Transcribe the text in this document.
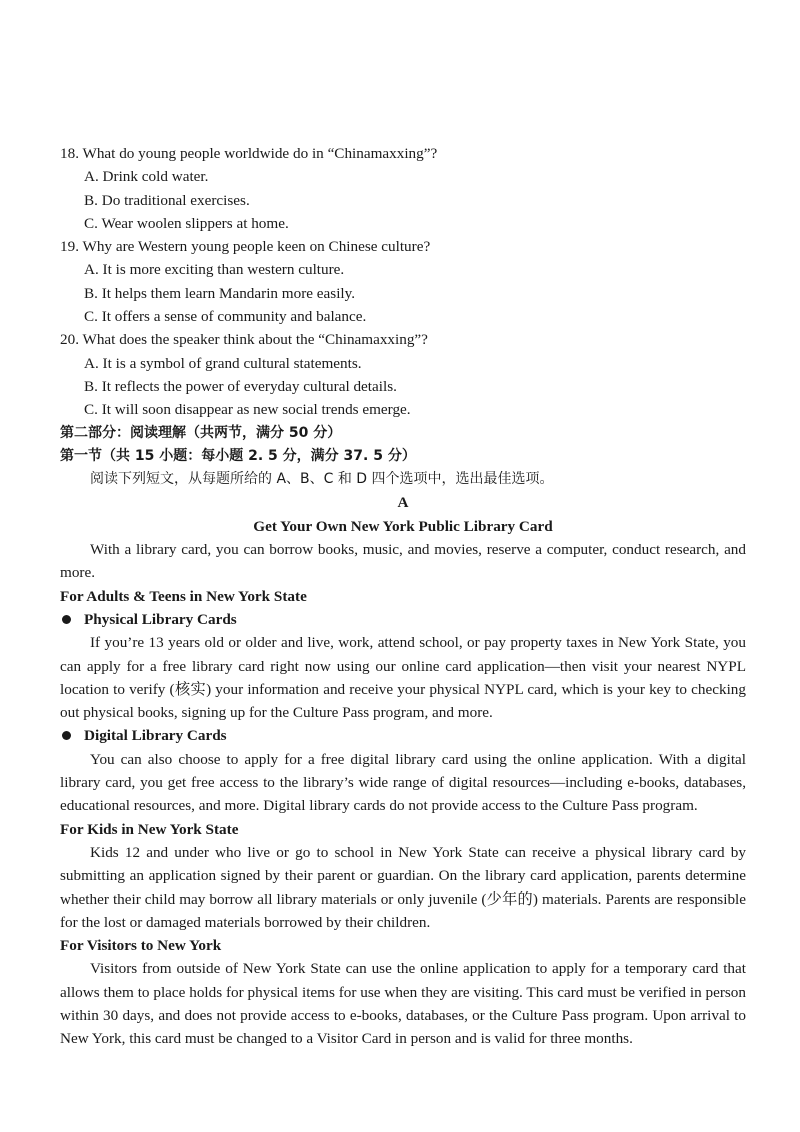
18. What do young people worldwide do in “Chinamaxxing”?
A. Drink cold water.
B. Do traditional exercises.
C. Wear woolen slippers at home.
19. Why are Western young people keen on Chinese culture?
A. It is more exciting than western culture.
B. It helps them learn Mandarin more easily.
C. It offers a sense of community and balance.
20. What does the speaker think about the “Chinamaxxing”?
A. It is a symbol of grand cultural statements.
B. It reflects the power of everyday cultural details.
C. It will soon disappear as new social trends emerge.
第二部分：阅读理解（共两节，满分 50 分）
第一节（共 15 小题：每小题 2. 5 分，满分 37. 5 分）
阅读下列短文，从每题所给的 A、B、C 和 D 四个选项中，选出最佳选项。
A
Get Your Own New York Public Library Card

With a library card, you can borrow books, music, and movies, reserve a computer, conduct research, and more.

For Adults & Teens in New York State
Physical Library Cards

If you’re 13 years old or older and live, work, attend school, or pay property taxes in New York State, you can apply for a free library card right now using our online card application—then visit your nearest NYPL location to verify (核实) your information and receive your physical NYPL card, which is your key to checking out physical books, signing up for the Culture Pass program, and more.

Digital Library Cards

You can also choose to apply for a free digital library card using the online application. With a digital library card, you get free access to the library’s wide range of digital resources—including e-books, databases, educational resources, and more. Digital library cards do not provide access to the Culture Pass program.

For Kids in New York State

Kids 12 and under who live or go to school in New York State can receive a physical library card by submitting an application signed by their parent or guardian. On the library card application, parents determine whether their child may borrow all library materials or only juvenile (少年的) materials. Parents are responsible for the lost or damaged materials borrowed by their children.

For Visitors to New York

Visitors from outside of New York State can use the online application to apply for a temporary card that allows them to place holds for physical items for use when they are visiting. This card must be verified in person within 30 days, and does not provide access to e-books, databases, or the Culture Pass program. Upon arrival to New York, this card must be changed to a Visitor Card in person and is valid for three months.
